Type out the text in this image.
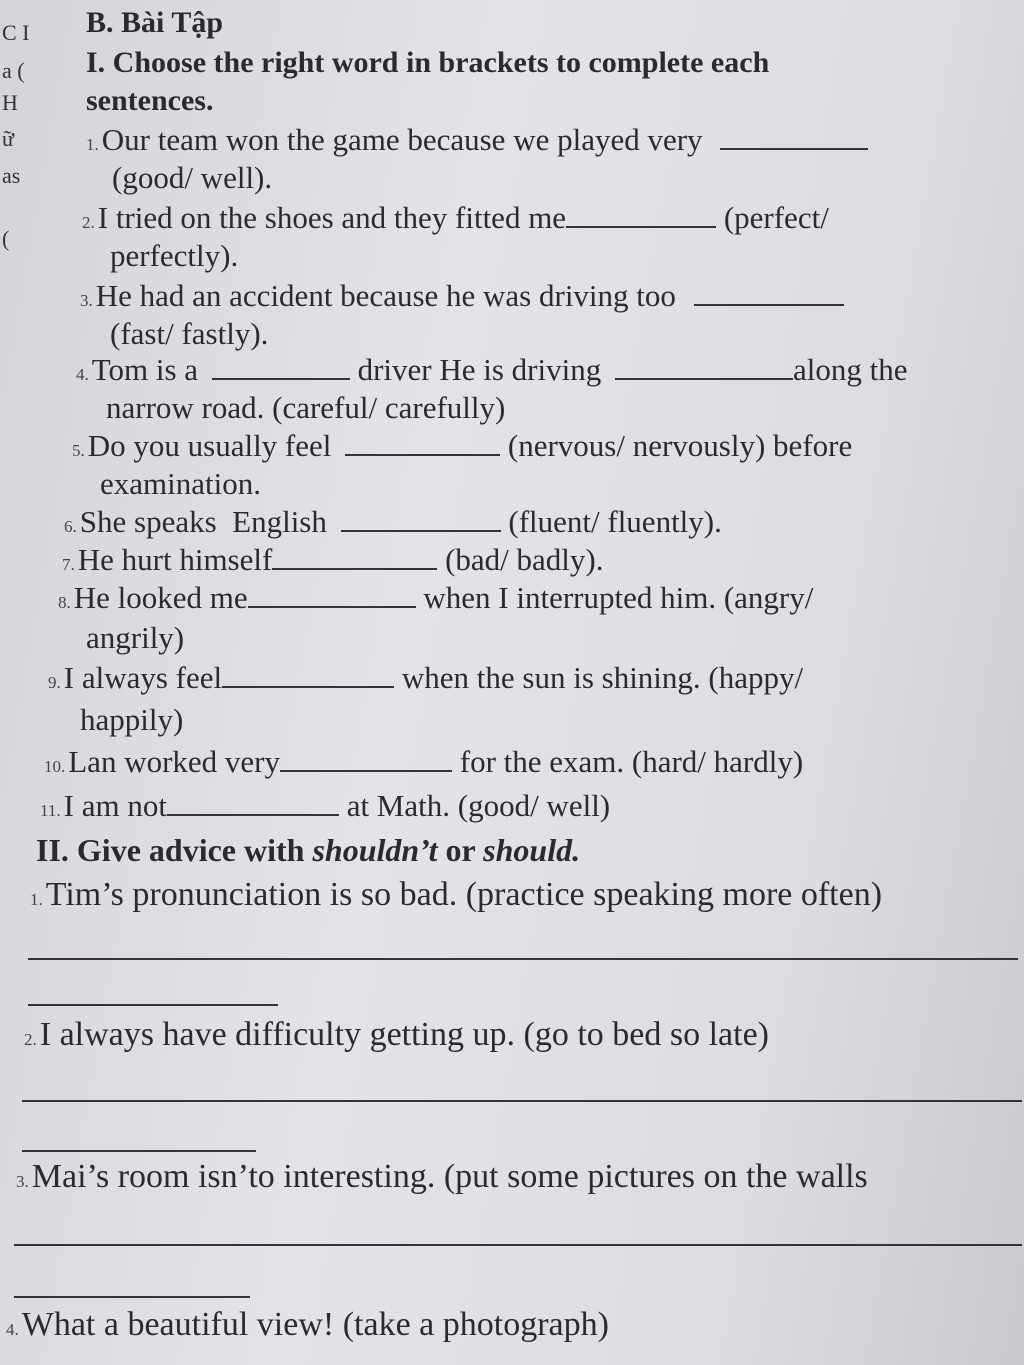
C I
a (
H
ữ
as
(

B. Bài Tập
I. Choose the right word in brackets to complete each
sentences.
1.Our team won the game because we played very
(good/ well).
2.I tried on the shoes and they fitted me	(perfect/
perfectly).
3.He had an accident because he was driving too
(fast/ fastly).
4.Tom is a	driver He is driving	along the
narrow road. (careful/ carefully)
5.Do you usually feel	(nervous/ nervously) before
examination.
6.She speaks  English	(fluent/ fluently).
7.He hurt himself	(bad/ badly).
8.He looked me	when I interrupted him. (angry/
angrily)
9.I always feel	when the sun is shining. (happy/
happily)
10.Lan worked very	for the exam. (hard/ hardly)
11.I am not	at Math. (good/ well)
II. Give advice with shouldn’t or should.
1.Tim’s pronunciation is so bad. (practice speaking more often)
2.I always have difficulty getting up. (go to bed so late)
3.Mai’s room isn’to interesting. (put some pictures on the walls
4.What a beautiful view! (take a photograph)
